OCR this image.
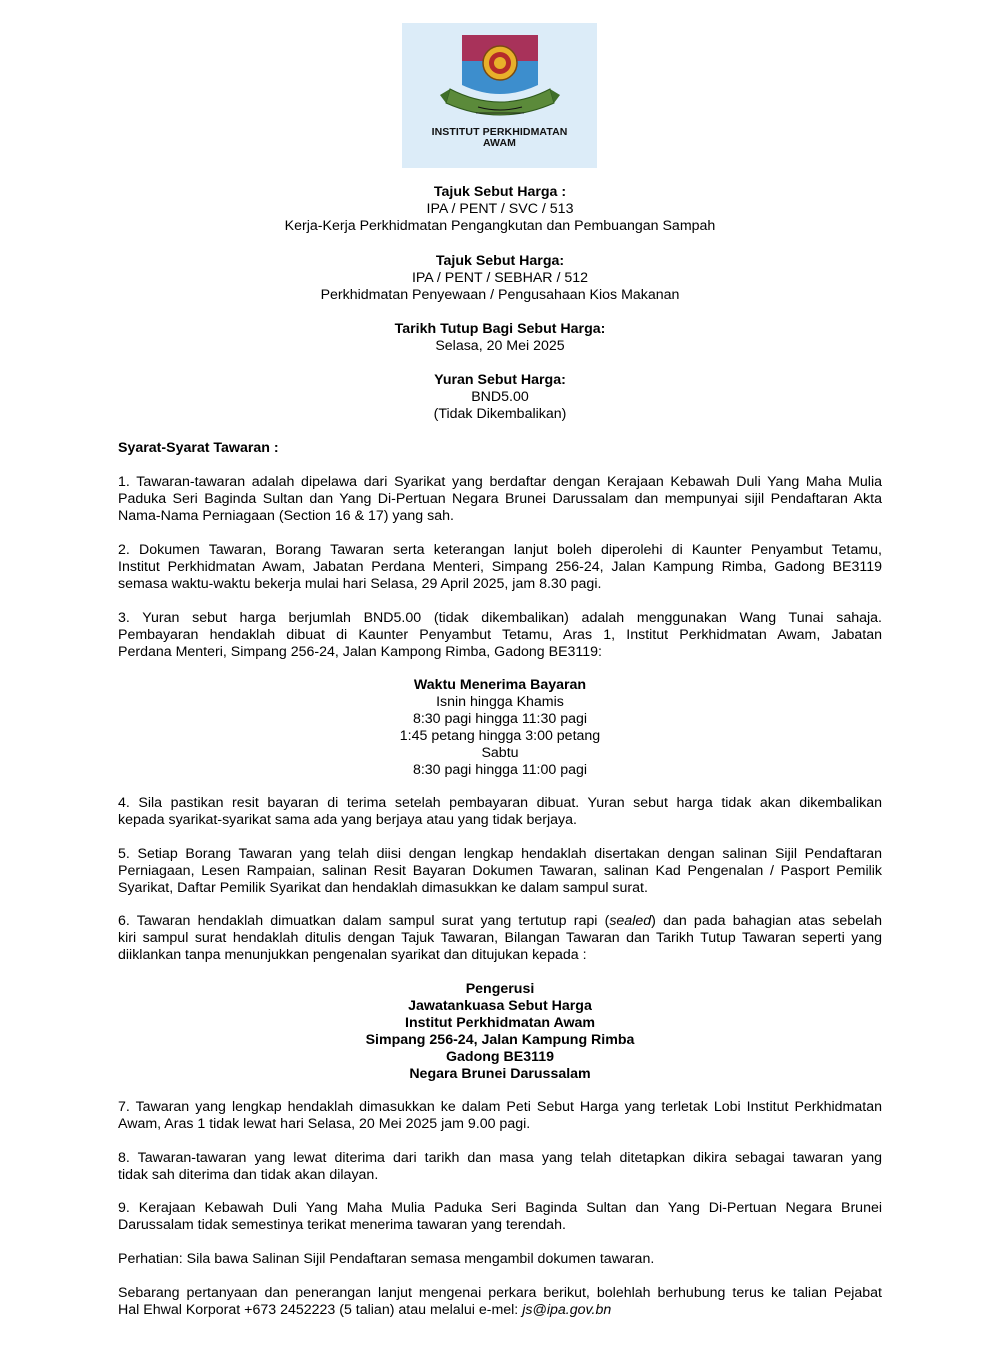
INSTITUT PERKHIDMATAN
AWAM
Tajuk Sebut Harga :
IPA / PENT / SVC / 513
Kerja-Kerja Perkhidmatan Pengangkutan dan Pembuangan Sampah
Tajuk Sebut Harga:
IPA / PENT / SEBHAR / 512
Perkhidmatan Penyewaan / Pengusahaan Kios Makanan
Tarikh Tutup Bagi Sebut Harga:
Selasa, 20 Mei 2025
Yuran Sebut Harga:
BND5.00
(Tidak Dikembalikan)
Syarat-Syarat Tawaran :
1. Tawaran-tawaran adalah dipelawa dari Syarikat yang berdaftar dengan Kerajaan Kebawah Duli Yang Maha Mulia
Paduka Seri Baginda Sultan dan Yang Di-Pertuan Negara Brunei Darussalam dan mempunyai sijil Pendaftaran Akta
Nama-Nama Perniagaan (Section 16 & 17) yang sah.
2. Dokumen Tawaran, Borang Tawaran serta keterangan lanjut boleh diperolehi di Kaunter Penyambut Tetamu,
Institut Perkhidmatan Awam, Jabatan Perdana Menteri, Simpang 256-24, Jalan Kampung Rimba, Gadong BE3119
semasa waktu-waktu bekerja mulai hari Selasa, 29 April 2025, jam 8.30 pagi.
3. Yuran sebut harga berjumlah BND5.00 (tidak dikembalikan) adalah menggunakan Wang Tunai sahaja.
Pembayaran hendaklah dibuat di Kaunter Penyambut Tetamu, Aras 1, Institut Perkhidmatan Awam, Jabatan
Perdana Menteri, Simpang 256-24, Jalan Kampong Rimba, Gadong BE3119:
Waktu Menerima Bayaran
Isnin hingga Khamis
8:30 pagi hingga 11:30 pagi
1:45 petang hingga 3:00 petang
Sabtu
8:30 pagi hingga 11:00 pagi
4. Sila pastikan resit bayaran di terima setelah pembayaran dibuat. Yuran sebut harga tidak akan dikembalikan
kepada syarikat-syarikat sama ada yang berjaya atau yang tidak berjaya.
5. Setiap Borang Tawaran yang telah diisi dengan lengkap hendaklah disertakan dengan salinan Sijil Pendaftaran
Perniagaan, Lesen Rampaian, salinan Resit Bayaran Dokumen Tawaran, salinan Kad Pengenalan / Pasport Pemilik
Syarikat, Daftar Pemilik Syarikat dan hendaklah dimasukkan ke dalam sampul surat.
6. Tawaran hendaklah dimuatkan dalam sampul surat yang tertutup rapi (sealed) dan pada bahagian atas sebelah
kiri sampul surat hendaklah ditulis dengan Tajuk Tawaran, Bilangan Tawaran dan Tarikh Tutup Tawaran seperti yang
diiklankan tanpa menunjukkan pengenalan syarikat dan ditujukan kepada :
Pengerusi
Jawatankuasa Sebut Harga
Institut Perkhidmatan Awam
Simpang 256-24, Jalan Kampung Rimba
Gadong BE3119
Negara Brunei Darussalam
7. Tawaran yang lengkap hendaklah dimasukkan ke dalam Peti Sebut Harga yang terletak Lobi Institut Perkhidmatan
Awam, Aras 1 tidak lewat hari Selasa, 20 Mei 2025 jam 9.00 pagi.
8. Tawaran-tawaran yang lewat diterima dari tarikh dan masa yang telah ditetapkan dikira sebagai tawaran yang
tidak sah diterima dan tidak akan dilayan.
9. Kerajaan Kebawah Duli Yang Maha Mulia Paduka Seri Baginda Sultan dan Yang Di-Pertuan Negara Brunei
Darussalam tidak semestinya terikat menerima tawaran yang terendah.
Perhatian: Sila bawa Salinan Sijil Pendaftaran semasa mengambil dokumen tawaran.
Sebarang pertanyaan dan penerangan lanjut mengenai perkara berikut, bolehlah berhubung terus ke talian Pejabat
Hal Ehwal Korporat +673 2452223 (5 talian) atau melalui e-mel: js@ipa.gov.bn
